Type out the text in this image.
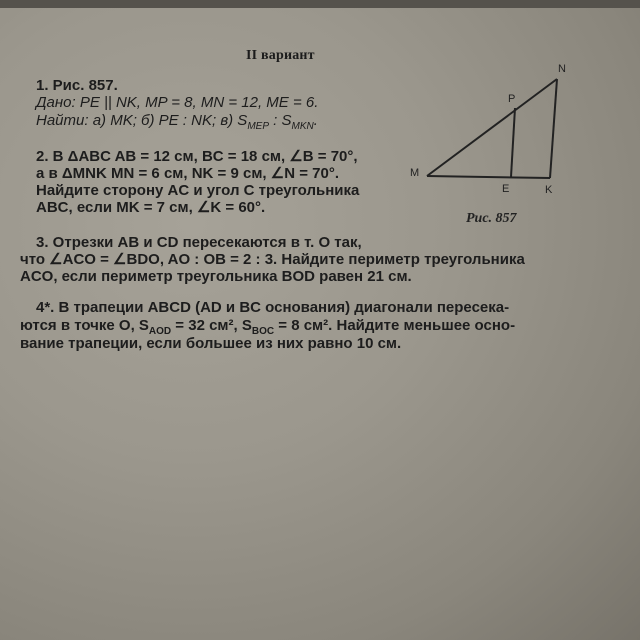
II вариант
1. Рис. 857.
Дано: PE || NK, MP = 8, MN = 12, ME = 6.
Найти: а) MK; б) PE : NK; в) $S_{MEP}$ : $S_{MKN}$.
2. В ΔABC AB = 12 см, BC = 18 см, ∠B = 70°,
а в ΔMNK MN = 6 см, NK = 9 см, ∠N = 70°.
Найдите сторону AC и угол C треугольника
ABC, если MK = 7 см, ∠K = 60°.
M
N
P
E	K
Рис. 857
3. Отрезки AB и CD пересекаются в т. O так,
что ∠ACO = ∠BDO, AO : OB = 2 : 3. Найдите периметр треугольника
ACO, если периметр треугольника BOD равен 21 см.
4*. В трапеции ABCD (AD и BC основания) диагонали пересека-
ются в точке O, $S_{AOD} = 32$ см², $S_{BOC} = 8$ см². Найдите меньшее осно-
вание трапеции, если большее из них равно 10 см.
